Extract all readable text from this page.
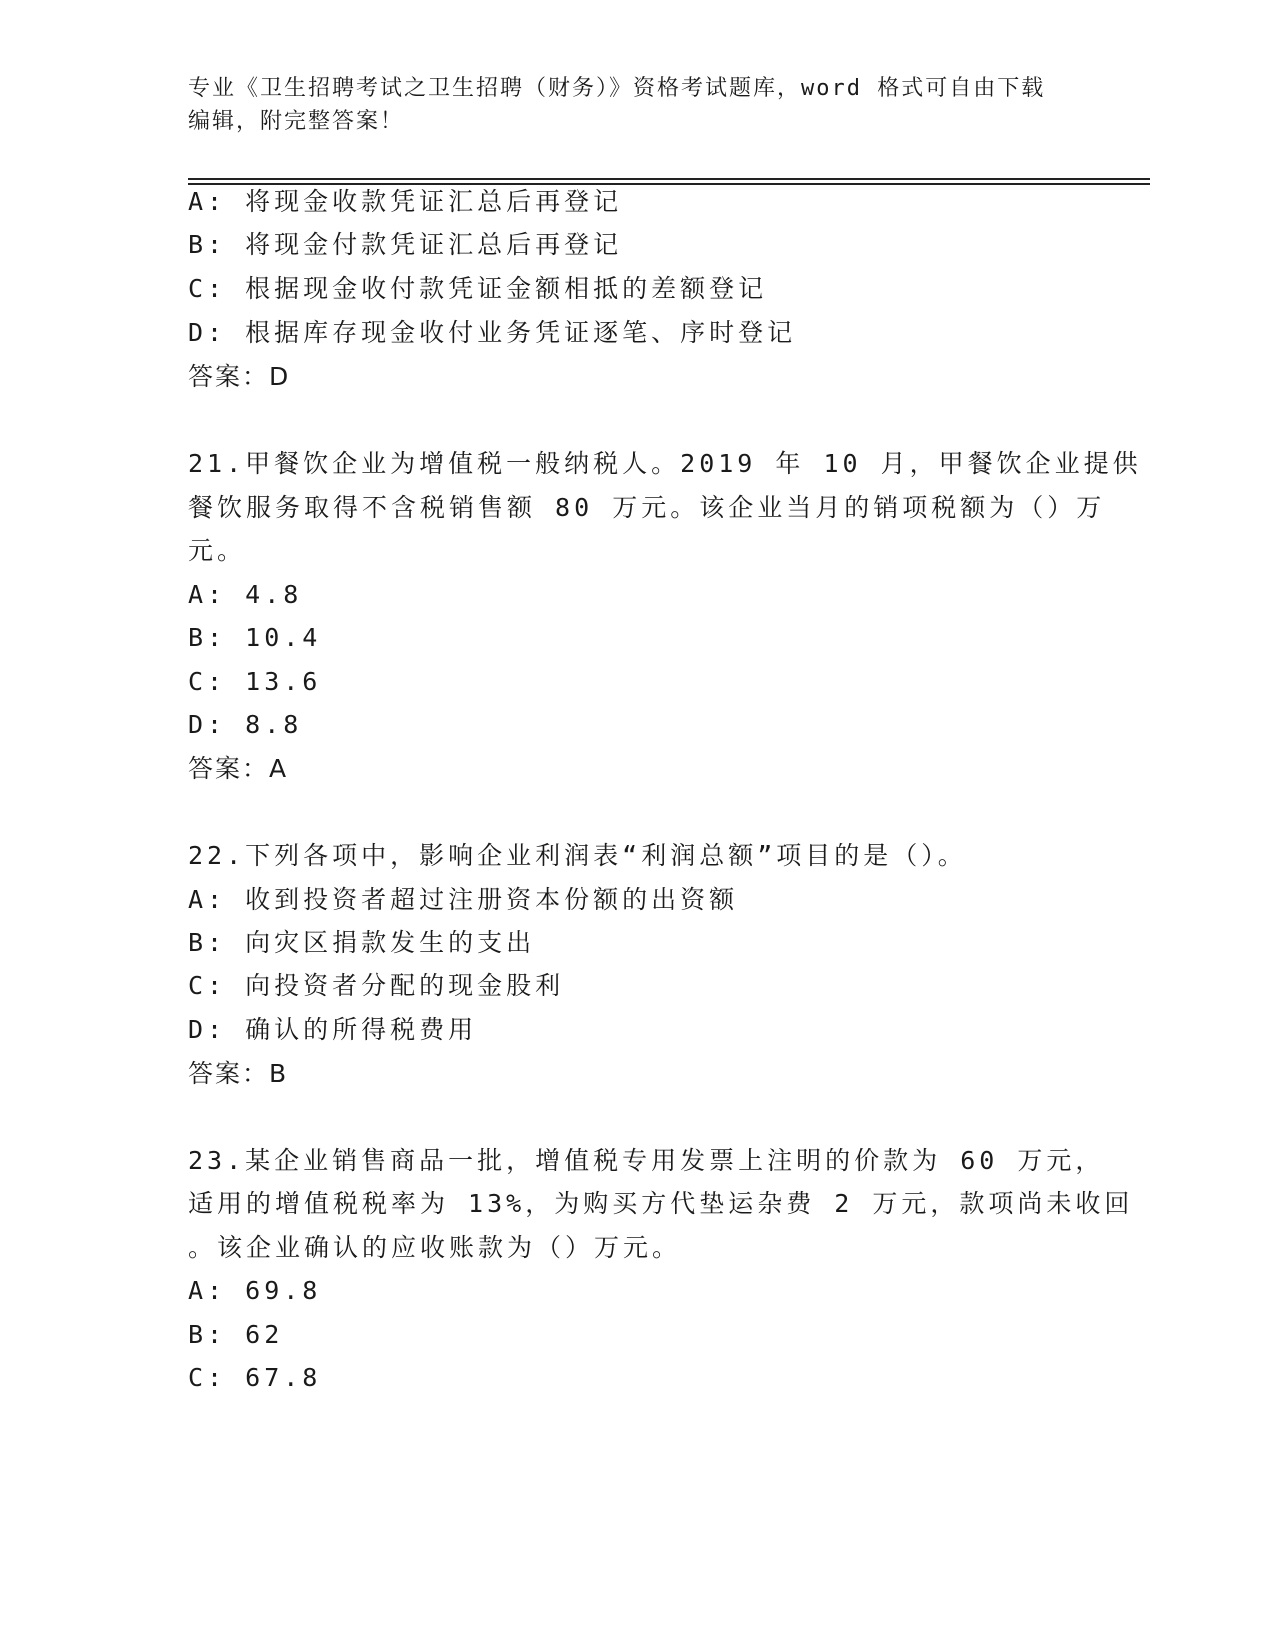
专业《卫生招聘考试之卫生招聘（财务）》资格考试题库，word 格式可自由下载
编辑，附完整答案！
A: 将现金收款凭证汇总后再登记
B: 将现金付款凭证汇总后再登记
C: 根据现金收付款凭证金额相抵的差额登记
D: 根据库存现金收付业务凭证逐笔、序时登记
答案：D
21.甲餐饮企业为增值税一般纳税人。2019 年 10 月，甲餐饮企业提供
餐饮服务取得不含税销售额 80 万元。该企业当月的销项税额为（）万
元。
A: 4.8
B: 10.4
C: 13.6
D: 8.8
答案：A
22.下列各项中，影响企业利润表“利润总额”项目的是（）。
A: 收到投资者超过注册资本份额的出资额
B: 向灾区捐款发生的支出
C: 向投资者分配的现金股利
D: 确认的所得税费用
答案：B
23.某企业销售商品一批，增值税专用发票上注明的价款为 60 万元，
适用的增值税税率为 13%，为购买方代垫运杂费 2 万元，款项尚未收回
。该企业确认的应收账款为（）万元。
A: 69.8
B: 62
C: 67.8
